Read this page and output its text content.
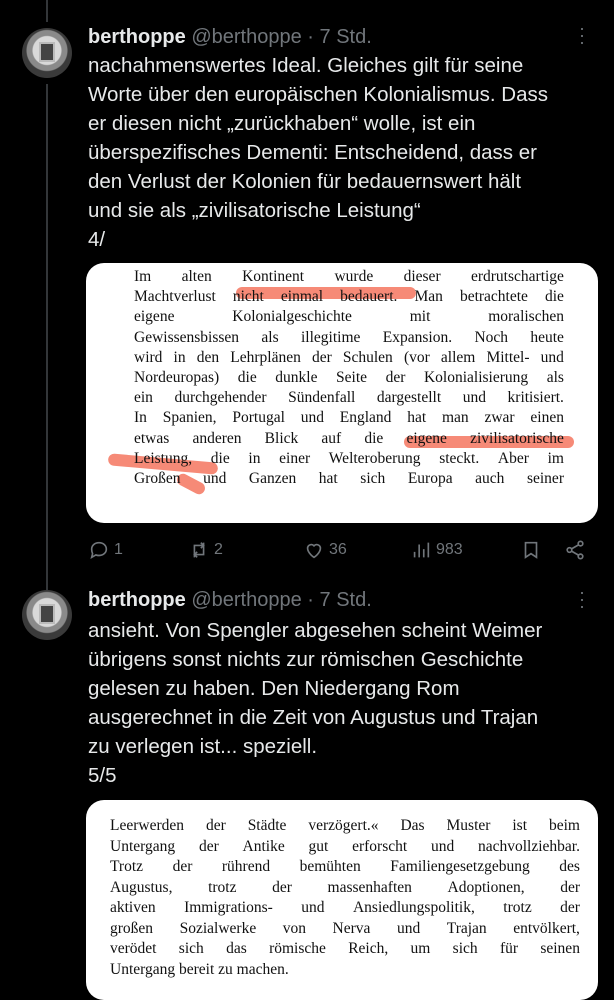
berthoppe @berthoppe · 7 Std.	···
nachahmenswertes Ideal. Gleiches gilt für seine
Worte über den europäischen Kolonialismus. Dass
er diesen nicht „zurückhaben“ wolle, ist ein
überspezifisches Dementi: Entscheidend, dass er
den Verlust der Kolonien für bedauernswert hält
und sie als „zivilisatorische Leistung“
4/
Im alten Kontinent wurde dieser erdrutschartige
Machtverlust nicht einmal bedauert. Man betrachtete die
eigene	Kolonialgeschichte	mit	moralischen
Gewissensbissen als illegitime Expansion. Noch heute
wird in den Lehrplänen der Schulen (vor allem Mittel- und
Nordeuropas) die dunkle Seite der Kolonialisierung als
ein durchgehender Sündenfall dargestellt und kritisiert.
In Spanien, Portugal und England hat man zwar einen
etwas anderen Blick auf die eigene zivilisatorische
Leistung, die in einer Welteroberung steckt. Aber im
Großen und Ganzen hat sich Europa auch seiner
1	2	36	983
berthoppe @berthoppe · 7 Std.	···
ansieht. Von Spengler abgesehen scheint Weimer
übrigens sonst nichts zur römischen Geschichte
gelesen zu haben. Den Niedergang Rom
ausgerechnet in die Zeit von Augustus und Trajan
zu verlegen ist... speziell.
5/5
Leerwerden der Städte verzögert.« Das Muster ist beim
Untergang der Antike gut erforscht und nachvollziehbar.
Trotz der rührend bemühten Familiengesetzgebung des
Augustus, trotz der massenhaften Adoptionen, der
aktiven Immigrations- und Ansiedlungspolitik, trotz der
großen Sozialwerke von Nerva und Trajan entvölkert,
verödet sich das römische Reich, um sich für seinen
Untergang bereit zu machen.
